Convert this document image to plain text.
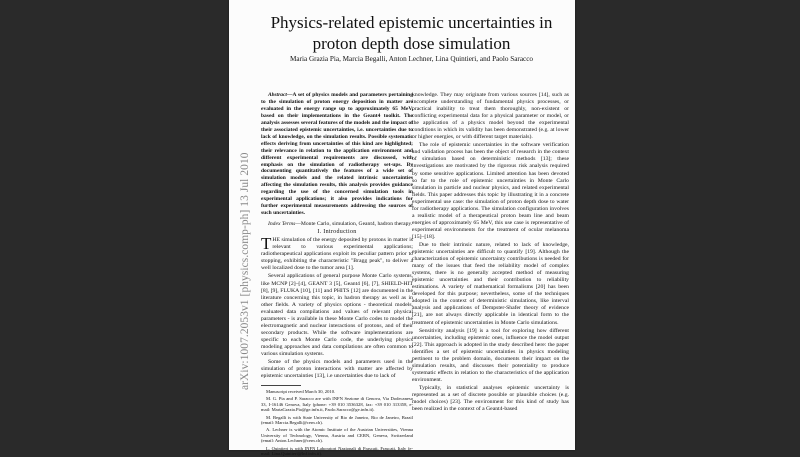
arXiv:1007.2053v1 [physics.comp-ph] 13 Jul 2010
Physics-related epistemic uncertainties in proton depth dose simulation
Maria Grazia Pia, Marcia Begalli, Anton Lechner, Lina Quintieri, and Paolo Saracco

Abstract—A set of physics models and parameters pertaining to the simulation of proton energy deposition in matter are evaluated in the energy range up to approximately 65 MeV, based on their implementations in the Geant4 toolkit. The analysis assesses several features of the models and the impact of their associated epistemic uncertainties, i.e. uncertainties due to lack of knowledge, on the simulation results. Possible systematic effects deriving from uncertainties of this kind are highlighted; their relevance in relation to the application environment and different experimental requirements are discussed, with emphasis on the simulation of radiotherapy set-ups. By documenting quantitatively the features of a wide set of simulation models and the related intrinsic uncertainties affecting the simulation results, this analysis provides guidance regarding the use of the concerned simulation tools in experimental applications; it also provides indications for further experimental measurements addressing the sources of such uncertainties.

Index Terms—Monte Carlo, simulation, Geant4, hadron therapy.

I. Introduction

THE simulation of the energy deposited by protons in matter is relevant to various experimental applications; radiotherapeutical applications exploit its peculiar pattern prior to stopping, exhibiting the characteristic "Bragg peak", to deliver a well localized dose to the tumor area [1].

Several applications of general purpose Monte Carlo systems, like MCNP [2]–[4], GEANT 3 [5], Geant4 [6], [7], SHIELD-HIT [8], [9], FLUKA [10], [11] and PHITS [12] are documented in the literature concerning this topic, in hadron therapy as well as in other fields. A variety of physics options - theoretical models, evaluated data compilations and values of relevant physical parameters - is available in these Monte Carlo codes to model the electromagnetic and nuclear interactions of protons, and of their secondary products. While the software implementations are specific to each Monte Carlo code, the underlying physics modeling approaches and data compilations are often common to various simulation systems.

Some of the physics models and parameters used in the simulation of proton interactions with matter are affected by epistemic uncertainties [13], i.e uncertainties due to lack of

Manuscript received March 30, 2010.

M. G. Pia and P. Saracco are with INFN Sezione di Genova, Via Dodecaneso 33, I-16146 Genova, Italy (phone: +39 010 3536328, fax: +39 010 313358, e-mail: MariaGrazia.Pia@ge.infn.it, Paolo.Saracco@ge.infn.it).

M. Begalli is with State University of Rio de Janeiro, Rio de Janeiro, Brazil (email: Marcia.Begalli@cern.ch).

A. Lechner is with the Atomic Institute of the Austrian Universities, Vienna University of Technology, Vienna, Austria and CERN, Geneva, Switzerland (email: Anton.Lechner@cern.ch).

L. Quintieri is with INFN Laboratori Nazionali di Frascati, Frascati, Italy (e-mail: Lina.Quintieri@lnf.infn.it).

knowledge. They may originate from various sources [14], such as incomplete understanding of fundamental physics processes, or practical inability to treat them thoroughly, non-existent or conflicting experimental data for a physical parameter or model, or the application of a physics model beyond the experimental conditions in which its validity has been demonstrated (e.g. at lower or higher energies, or with different target materials).

The role of epistemic uncertainties in the software verification and validation process has been the object of research in the context of simulation based on deterministic methods [13]; these investigations are motivated by the rigorous risk analysis required by some sensitive applications. Limited attention has been devoted so far to the role of epistemic uncertainties in Monte Carlo simulation in particle and nuclear physics, and related experimental fields. This paper addresses this topic by illustrating it in a concrete experimental use case: the simulation of proton depth dose to water for radiotherapy applications. The simulation configuration involves a realistic model of a therapeutical proton beam line and beam energies of approximately 65 MeV, this use case is representative of experimental environments for the treatment of ocular melanoma [15]–[18].

Due to their intrinsic nature, related to lack of knowledge, epistemic uncertainties are difficult to quantify [19]. Although the characterization of epistemic uncertainty contributions is needed for many of the issues that feed the reliability model of complex systems, there is no generally accepted method of measuring epistemic uncertainties and their contribution to reliability estimations. A variety of mathematical formalisms [20] has been developed for this purpose; nevertheless, some of the techniques adopted in the context of deterministic simulations, like interval analysis and applications of Dempster-Shafer theory of evidence [21], are not always directly applicable in identical form to the treatment of epistemic uncertainties in Monte Carlo simulations.

Sensitivity analysis [19] is a tool for exploring how different uncertainties, including epistemic ones, influence the model output [22]. This approach is adopted in the study described here: the paper identifies a set of epistemic uncertainties in physics modeling pertinent to the problem domain, documents their impact on the simulation results, and discusses their potentiality to produce systematic effects in relation to the characteristics of the application environment.

Typically, in statistical analyses epistemic uncertainty is represented as a set of discrete possible or plausible choices (e.g. model choices) [23]. The environment for this kind of study has been realized in the context of a Geant4-based
